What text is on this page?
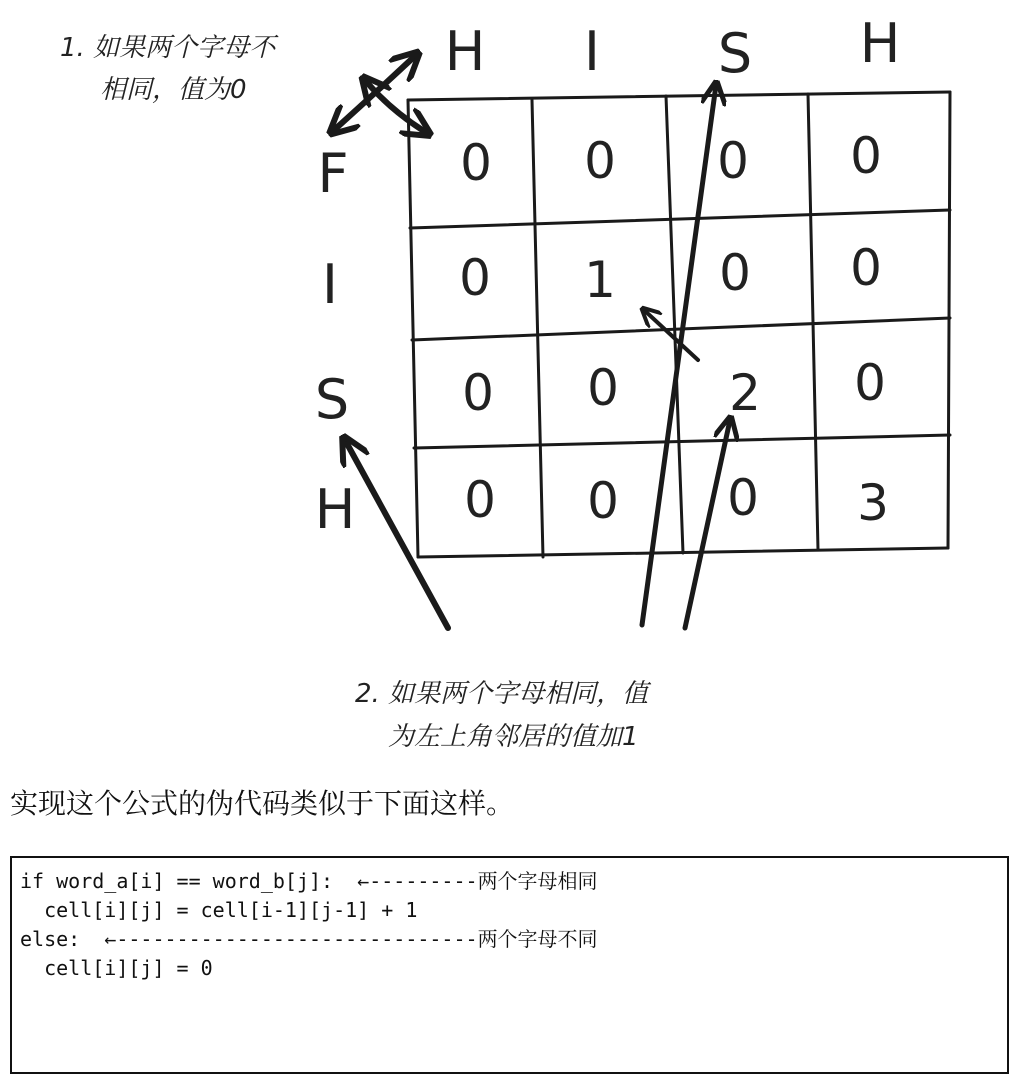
H I S H
F
I
S
H
0 0 0 0
0 1 0 0
0 0 2 0
0 0 0 3
1. 如果两个字母不
相同，值为0
2. 如果两个字母相同，值
为左上角邻居的值加1
实现这个公式的伪代码类似于下面这样。
if word_a[i] == word_b[j]:  ←---------两个字母相同
cell[i][j] = cell[i-1][j-1] + 1
else:  ←------------------------------两个字母不同
cell[i][j] = 0
